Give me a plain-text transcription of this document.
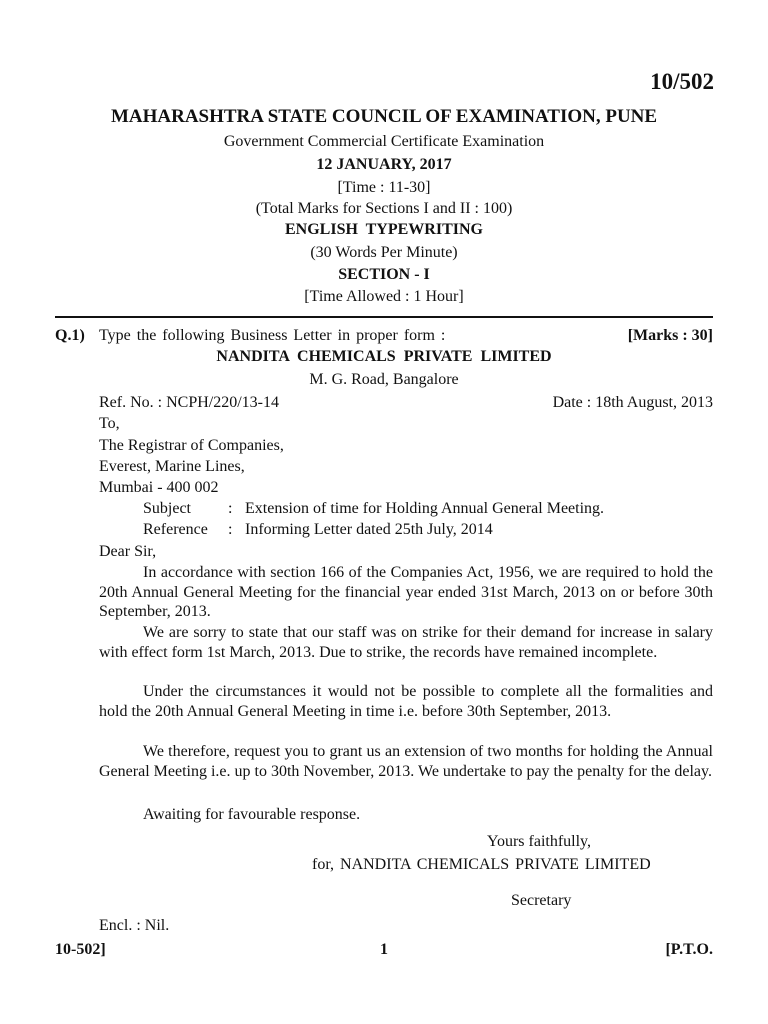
10/502
MAHARASHTRA STATE COUNCIL OF EXAMINATION, PUNE
Government Commercial Certificate Examination
12 JANUARY, 2017
[Time : 11-30]
(Total Marks for Sections I and II : 100)
ENGLISH TYPEWRITING
(30 Words Per Minute)
SECTION - I
[Time Allowed : 1 Hour]
Q.1) Type the following Business Letter in proper form :	[Marks : 30]
NANDITA CHEMICALS PRIVATE LIMITED
M. G. Road, Bangalore
Ref. No. : NCPH/220/13-14	Date : 18th August, 2013
To,
The Registrar of Companies,
Everest, Marine Lines,
Mumbai - 400 002
Subject : Extension of time for Holding Annual General Meeting.
Reference : Informing Letter dated 25th July, 2014
Dear Sir,
In accordance with section 166 of the Companies Act, 1956, we are required to hold the 20th Annual General Meeting for the financial year ended 31st March, 2013 on or before 30th September, 2013.
We are sorry to state that our staff was on strike for their demand for increase in salary with effect form 1st March, 2013. Due to strike, the records have remained incomplete.
Under the circumstances it would not be possible to complete all the formalities and hold the 20th Annual General Meeting in time i.e. before 30th September, 2013.
We therefore, request you to grant us an extension of two months for holding the Annual General Meeting i.e. up to 30th November, 2013. We undertake to pay the penalty for the delay.
Awaiting for favourable response.
Yours faithfully,
for, NANDITA CHEMICALS PRIVATE LIMITED
Secretary
Encl. : Nil.
10-502]	1	[P.T.O.
